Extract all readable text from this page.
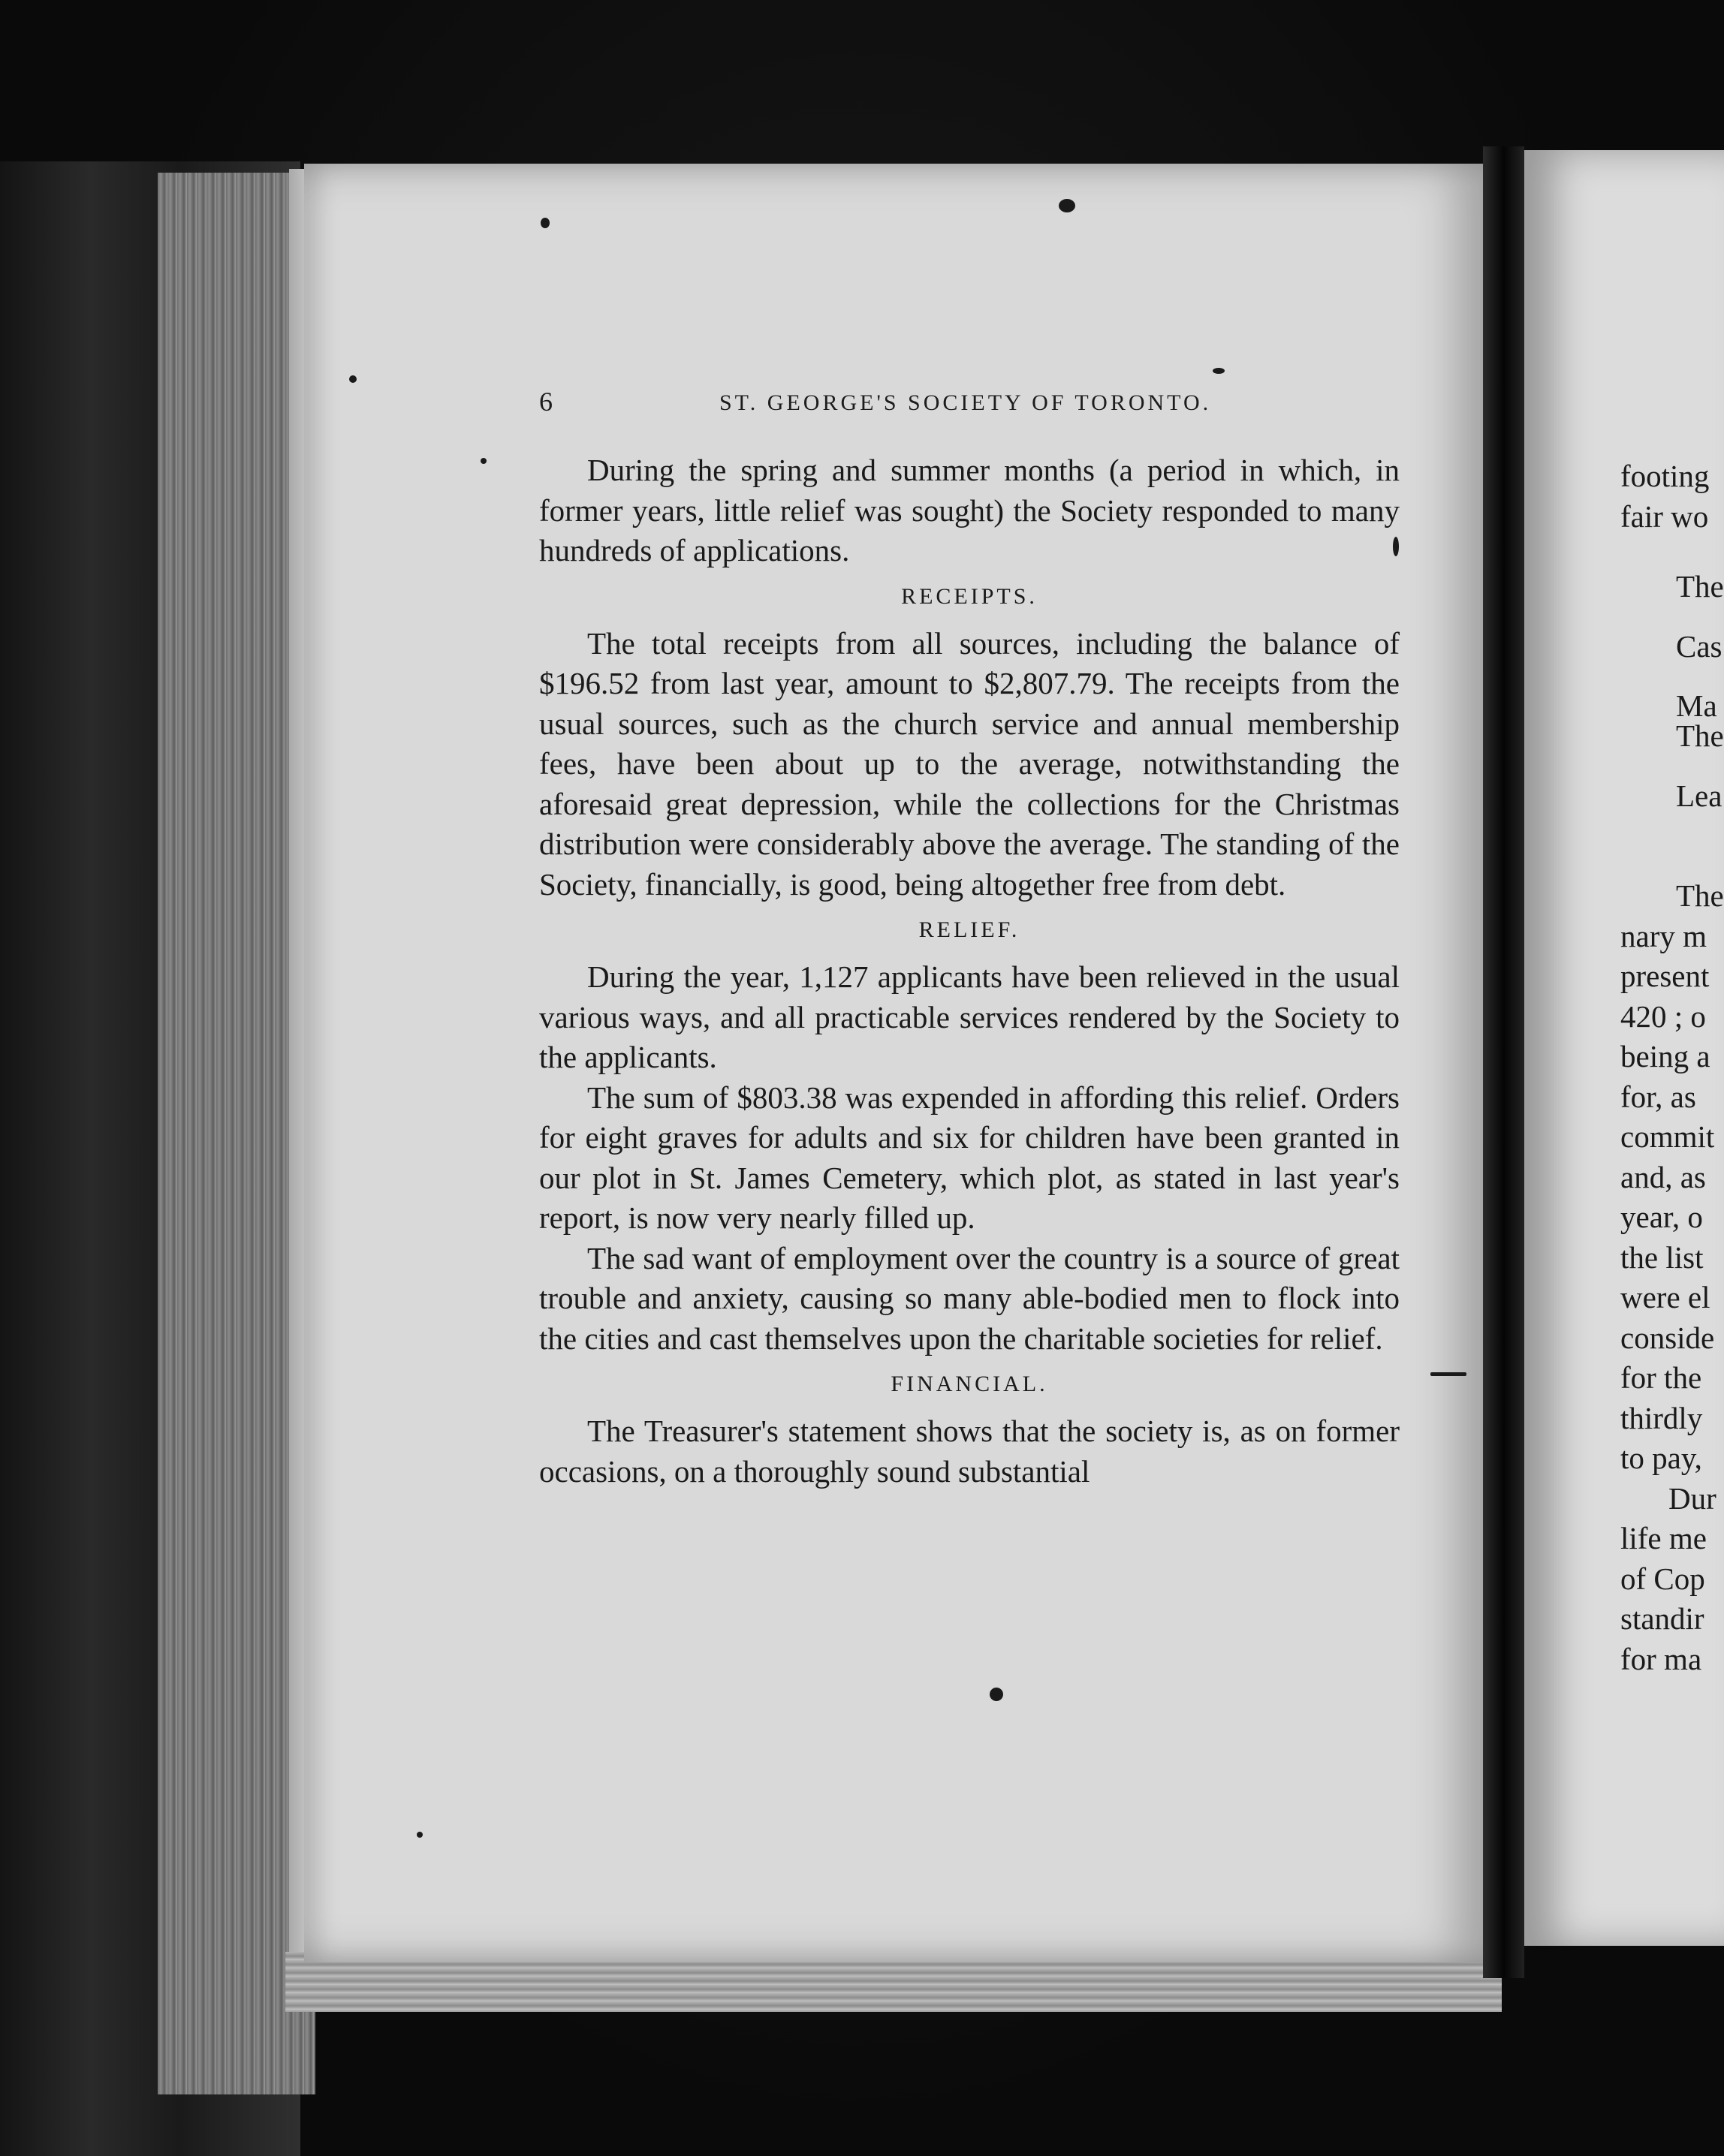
6	ST. GEORGE'S SOCIETY OF TORONTO.

During the spring and summer months (a period in which, in former years, little relief was sought) the Society responded to many hundreds of applications.

RECEIPTS.

The total receipts from all sources, including the balance of $196.52 from last year, amount to $2,807.79. The receipts from the usual sources, such as the church service and annual membership fees, have been about up to the average, notwithstanding the aforesaid great depression, while the collections for the Christmas distribution were considerably above the average. The standing of the Society, financially, is good, being altogether free from debt.

RELIEF.

During the year, 1,127 applicants have been relieved in the usual various ways, and all practicable services rendered by the Society to the applicants.

The sum of $803.38 was expended in affording this relief. Orders for eight graves for adults and six for children have been granted in our plot in St. James Cemetery, which plot, as stated in last year's report, is now very nearly filled up.

The sad want of employment over the country is a source of great trouble and anxiety, causing so many able-bodied men to flock into the cities and cast themselves upon the charitable societies for relief.

FINANCIAL.

The Treasurer's statement shows that the society is, as on former occasions, on a thoroughly sound substantial

footing
fair wo
The
Cas
Ma
The
Lea
The
nary m
present
420 ; o
being a
for, as
commit
and, as
year, o
the list
were el
conside
for the
thirdly
to pay,
Dur
life me
of Cop
standir
for ma
